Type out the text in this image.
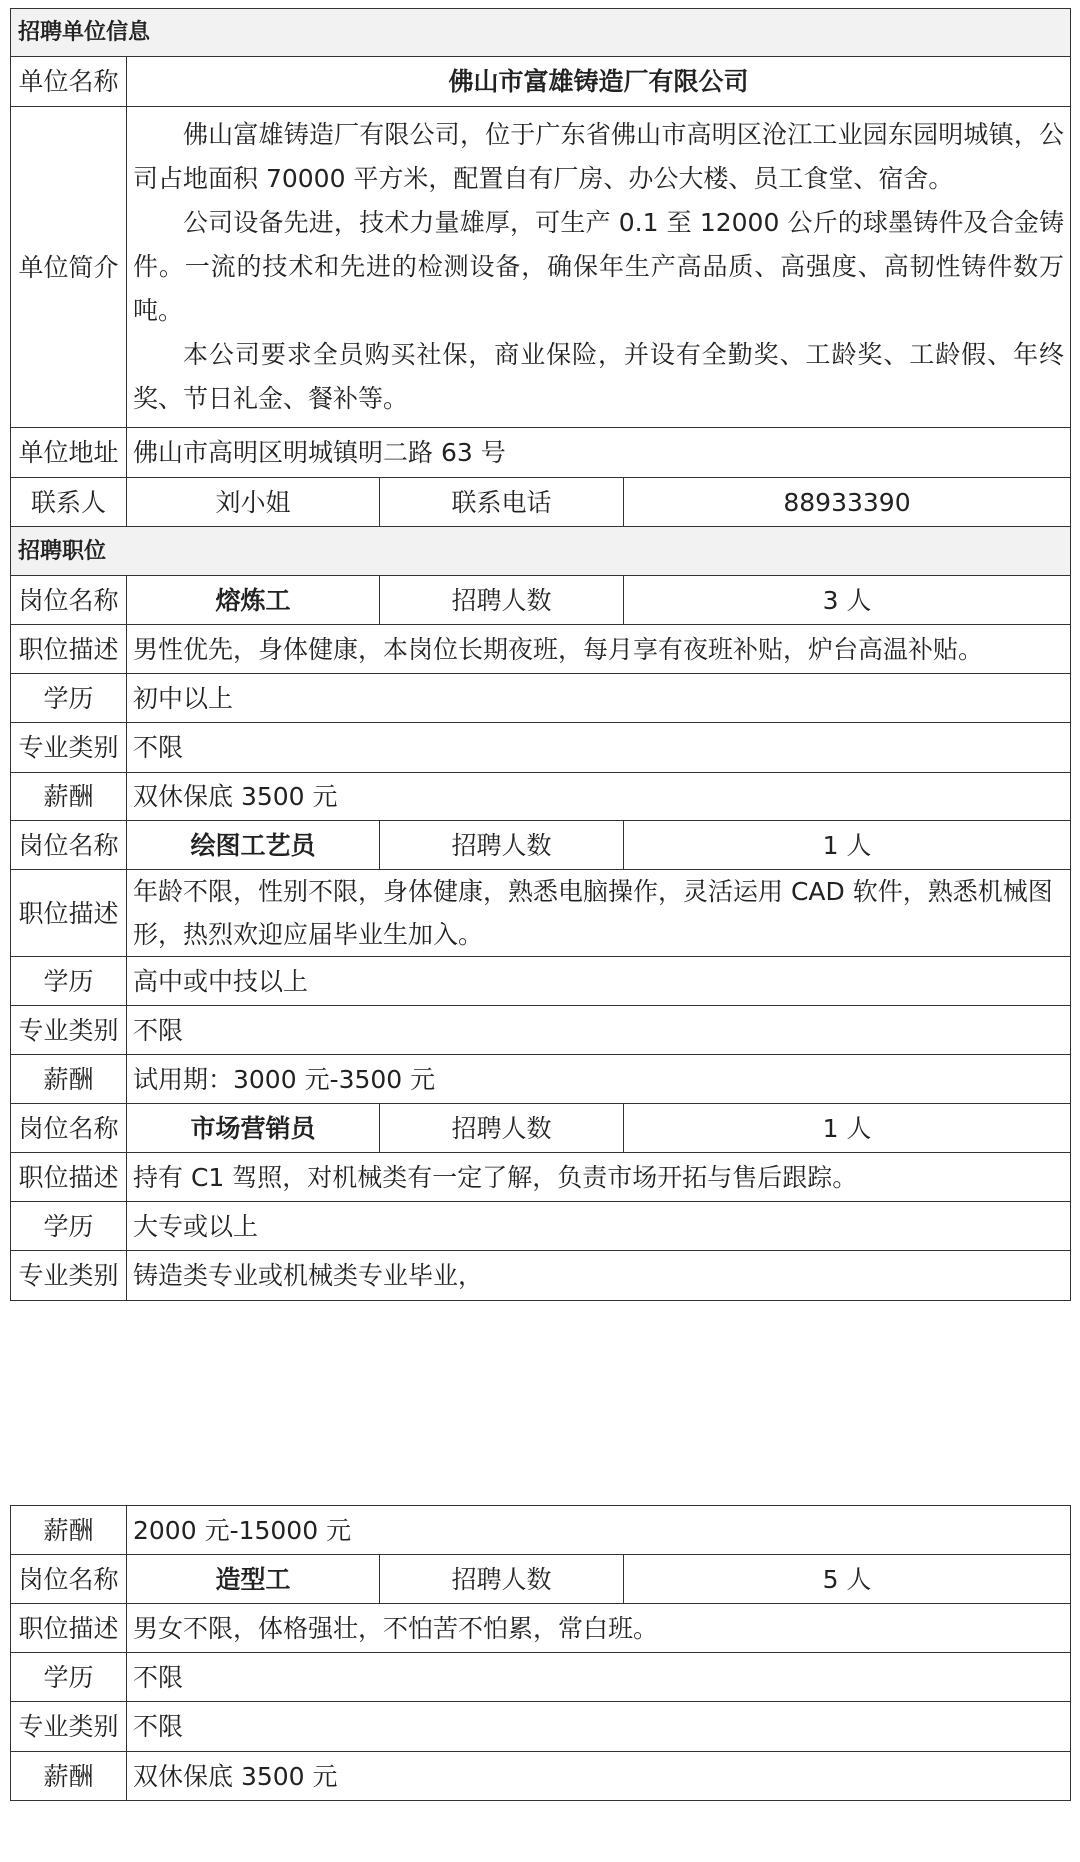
招聘单位信息			
单位名称	佛山市富雄铸造厂有限公司		
单位简介	佛山富雄铸造厂有限公司，位于广东省佛山市高明区沧江工业园东园明城镇，公司占地面积 70000 平方米，配置自有厂房、办公大楼、员工食堂、宿舍。

公司设备先进，技术力量雄厚，可生产 0.1 至 12000 公斤的球墨铸件及合金铸件。一流的技术和先进的检测设备，确保年生产高品质、高强度、高韧性铸件数万吨。

本公司要求全员购买社保，商业保险，并设有全勤奖、工龄奖、工龄假、年终奖、节日礼金、餐补等。		

单位地址	佛山市高明区明城镇明二路 63 号		
联系人	刘小姐	联系电话	88933390
招聘职位			
岗位名称	熔炼工	招聘人数	3 人
职位描述	男性优先，身体健康，本岗位长期夜班，每月享有夜班补贴，炉台高温补贴。		
学历	初中以上		
专业类别	不限		
薪酬	双休保底 3500 元		
岗位名称	绘图工艺员	招聘人数	1 人
职位描述	年龄不限，性别不限，身体健康，熟悉电脑操作，灵活运用 CAD 软件，熟悉机械图形，热烈欢迎应届毕业生加入。		
学历	高中或中技以上		
专业类别	不限		
薪酬	试用期：3000 元-3500 元		
岗位名称	市场营销员	招聘人数	1 人
职位描述	持有 C1 驾照，对机械类有一定了解，负责市场开拓与售后跟踪。		
学历	大专或以上		
专业类别	铸造类专业或机械类专业毕业，		
薪酬	2000 元-15000 元		
岗位名称	造型工	招聘人数	5 人
职位描述	男女不限，体格强壮，不怕苦不怕累，常白班。		
学历	不限		
专业类别	不限		
薪酬	双休保底 3500 元		
